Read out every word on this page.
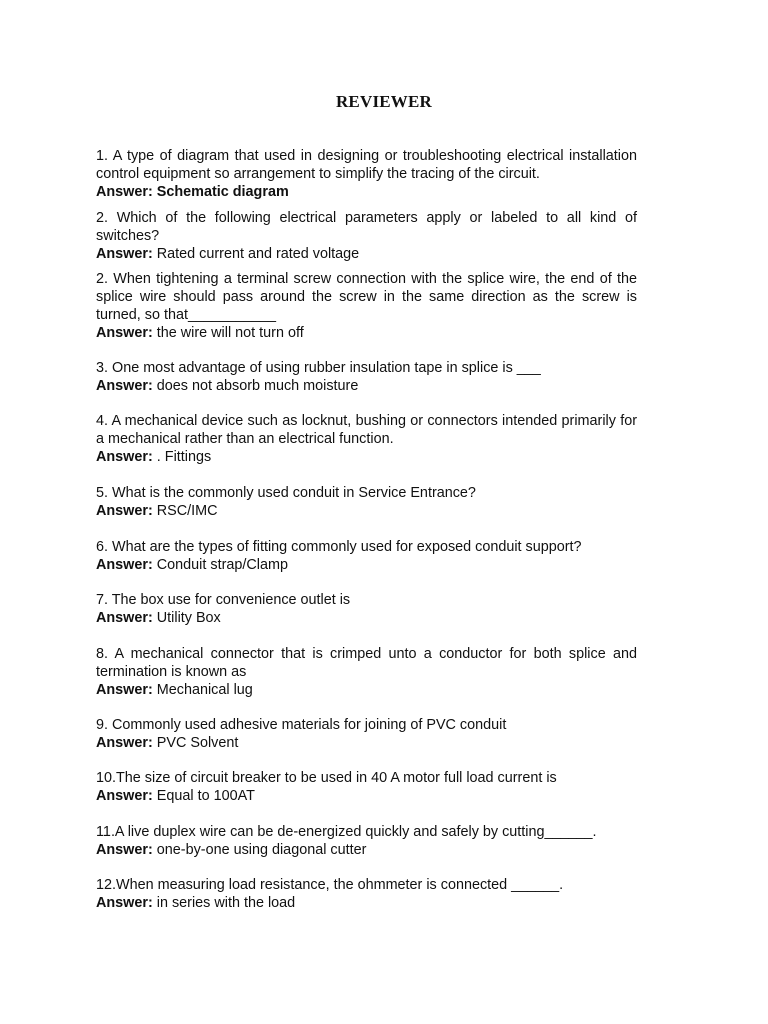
REVIEWER

1. A type of diagram that used in designing or troubleshooting electrical installation control equipment so arrangement to simplify the tracing of the circuit.

Answer: Schematic diagram

2. Which of the following electrical parameters apply or labeled to all kind of switches?

Answer: Rated current and rated voltage

2. When tightening a terminal screw connection with the splice wire, the end of the splice wire should pass around the screw in the same direction as the screw is turned, so that___________

Answer: the wire will not turn off

3. One most advantage of using rubber insulation tape in splice is ___

Answer: does not absorb much moisture

4. A mechanical device such as locknut, bushing or connectors intended primarily for a mechanical rather than an electrical function.

Answer: . Fittings

5. What is the commonly used conduit in Service Entrance?

Answer: RSC/IMC

6. What are the types of fitting commonly used for exposed conduit support?

Answer: Conduit strap/Clamp

7. The box use for convenience outlet is

Answer: Utility Box

8. A mechanical connector that is crimped unto a conductor for both splice and termination is known as

Answer: Mechanical lug

9. Commonly used adhesive materials for joining of PVC conduit

Answer: PVC Solvent

10.The size of circuit breaker to be used in 40 A motor full load current is

Answer: Equal to 100AT

11.A live duplex wire can be de-energized quickly and safely by cutting______.

Answer: one-by-one using diagonal cutter

12.When measuring load resistance, the ohmmeter is connected ______.

Answer: in series with the load
